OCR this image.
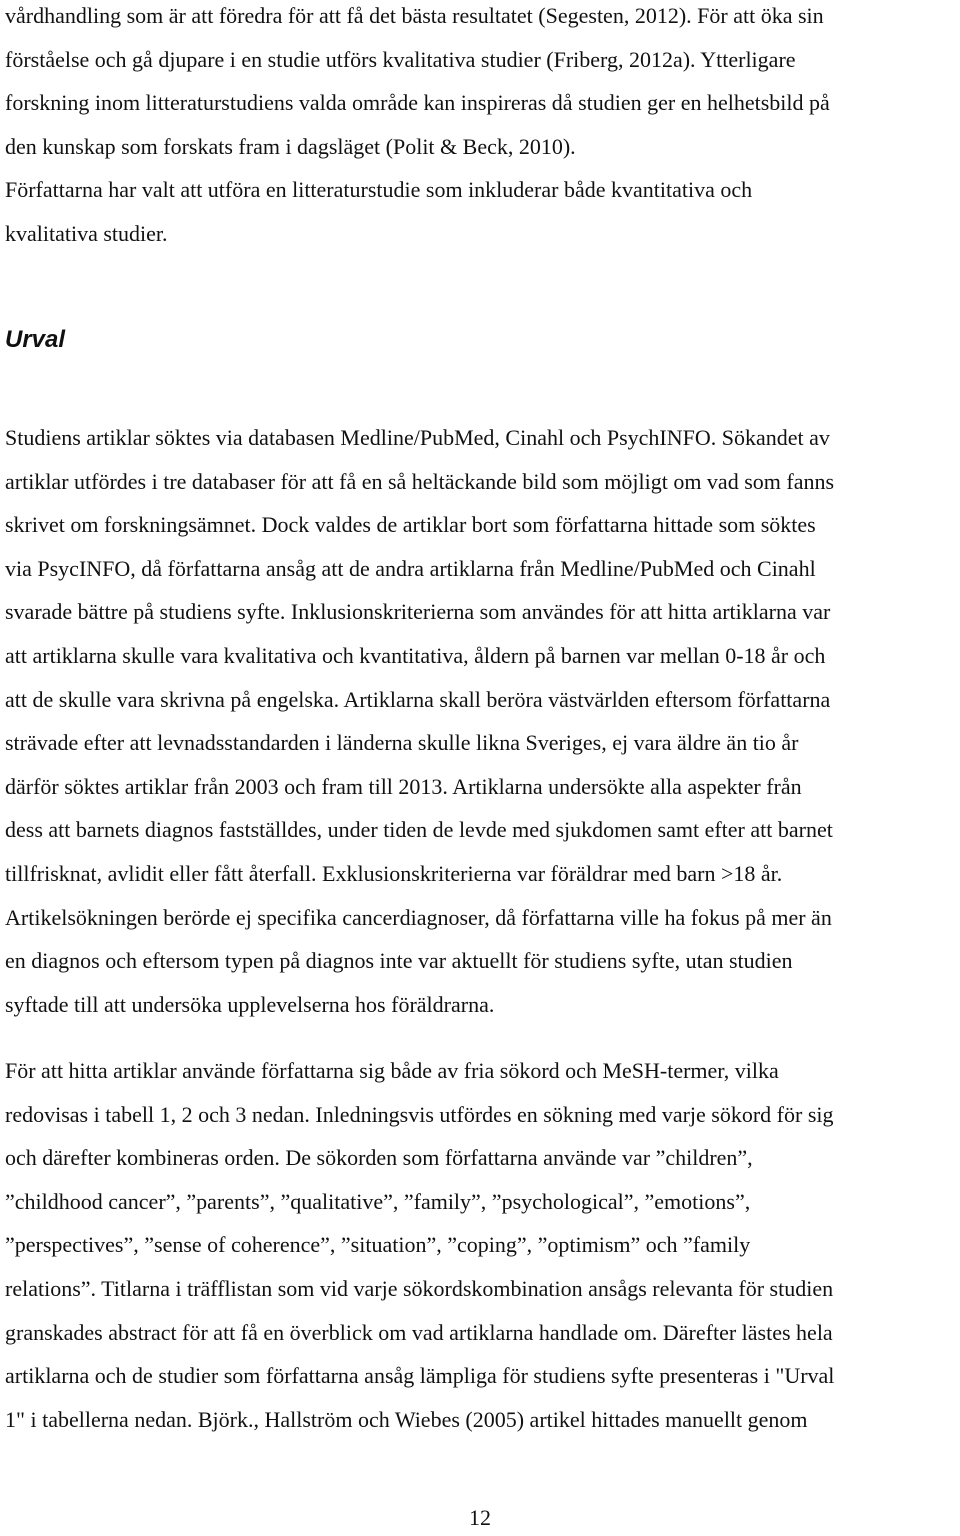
vårdhandling som är att föredra för att få det bästa resultatet (Segesten, 2012). För att öka sin
förståelse och gå djupare i en studie utförs kvalitativa studier (Friberg, 2012a). Ytterligare
forskning inom litteraturstudiens valda område kan inspireras då studien ger en helhetsbild på
den kunskap som forskats fram i dagsläget (Polit & Beck, 2010).
Författarna har valt att utföra en litteraturstudie som inkluderar både kvantitativa och
kvalitativa studier.
Urval
Studiens artiklar söktes via databasen Medline/PubMed, Cinahl och PsychINFO. Sökandet av
artiklar utfördes i tre databaser för att få en så heltäckande bild som möjligt om vad som fanns
skrivet om forskningsämnet. Dock valdes de artiklar bort som författarna hittade som söktes
via PsycINFO, då författarna ansåg att de andra artiklarna från Medline/PubMed och Cinahl
svarade bättre på studiens syfte. Inklusionskriterierna som användes för att hitta artiklarna var
att artiklarna skulle vara kvalitativa och kvantitativa, åldern på barnen var mellan 0-18 år och
att de skulle vara skrivna på engelska. Artiklarna skall beröra västvärlden eftersom författarna
strävade efter att levnadsstandarden i länderna skulle likna Sveriges, ej vara äldre än tio år
därför söktes artiklar från 2003 och fram till 2013. Artiklarna undersökte alla aspekter från
dess att barnets diagnos fastställdes, under tiden de levde med sjukdomen samt efter att barnet
tillfrisknat, avlidit eller fått återfall. Exklusionskriterierna var föräldrar med barn >18 år.
Artikelsökningen berörde ej specifika cancerdiagnoser, då författarna ville ha fokus på mer än
en diagnos och eftersom typen på diagnos inte var aktuellt för studiens syfte, utan studien
syftade till att undersöka upplevelserna hos föräldrarna.
För att hitta artiklar använde författarna sig både av fria sökord och MeSH-termer, vilka
redovisas i tabell 1, 2 och 3 nedan. Inledningsvis utfördes en sökning med varje sökord för sig
och därefter kombineras orden. De sökorden som författarna använde var ”children”,
”childhood cancer”, ”parents”, ”qualitative”, ”family”, ”psychological”, ”emotions”,
”perspectives”, ”sense of coherence”, ”situation”, ”coping”, ”optimism” och ”family
relations”. Titlarna i träfflistan som vid varje sökordskombination ansågs relevanta för studien
granskades abstract för att få en överblick om vad artiklarna handlade om. Därefter lästes hela
artiklarna och de studier som författarna ansåg lämpliga för studiens syfte presenteras i "Urval
1" i tabellerna nedan. Björk., Hallström och Wiebes (2005) artikel hittades manuellt genom
12
